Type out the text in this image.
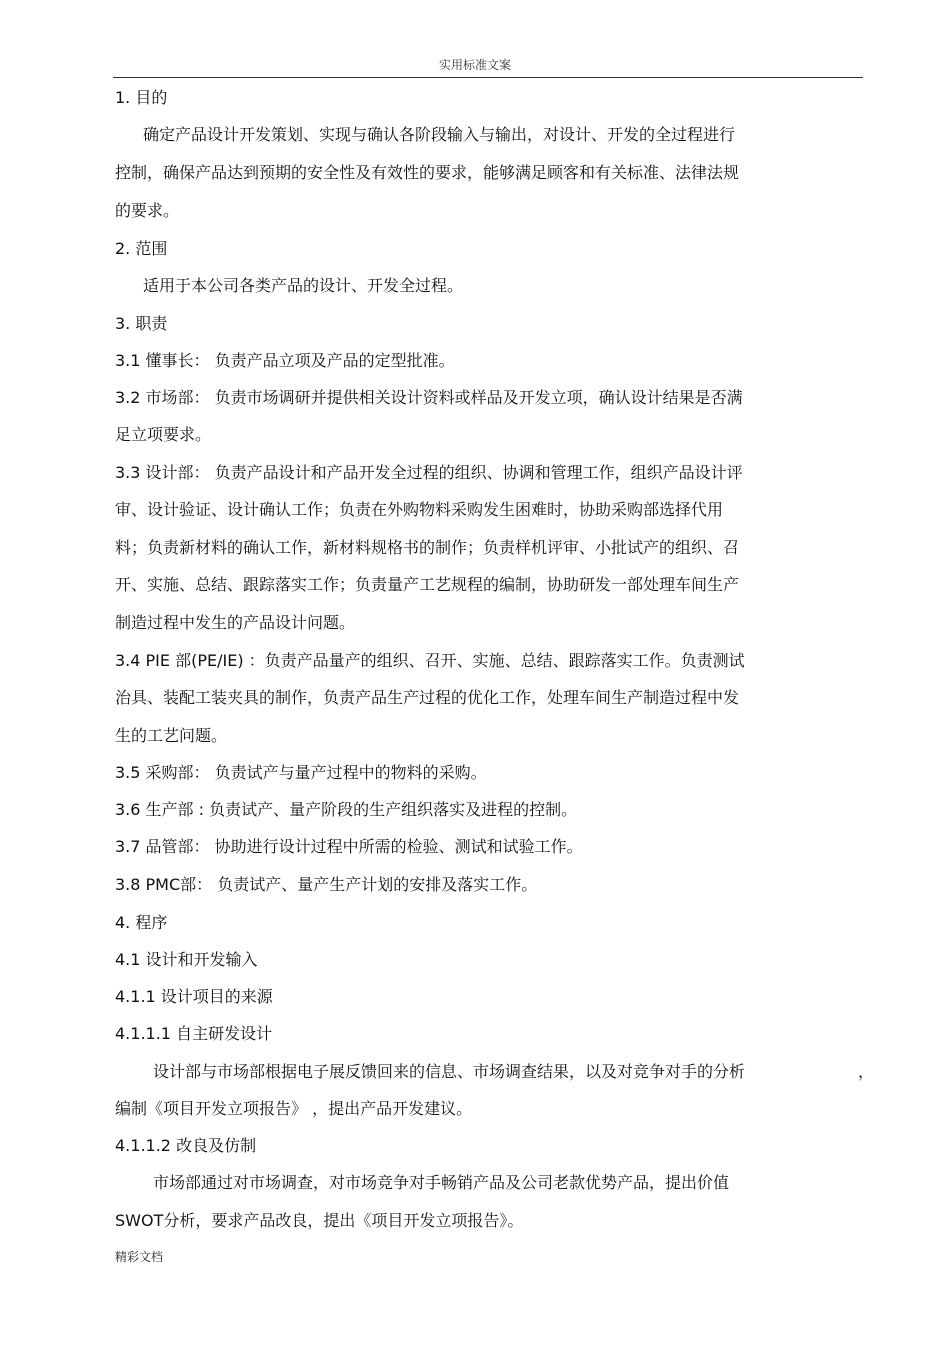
实用标准文案
1. 目的
确定产品设计开发策划、实现与确认各阶段输入与输出，对设计、开发的全过程进行
控制，确保产品达到预期的安全性及有效性的要求，能够满足顾客和有关标准、法律法规
的要求。
2. 范围
适用于本公司各类产品的设计、开发全过程。
3. 职责
3.1 懂事长： 负责产品立项及产品的定型批准。
3.2 市场部： 负责市场调研并提供相关设计资料或样品及开发立项，确认设计结果是否满
足立项要求。
3.3 设计部： 负责产品设计和产品开发全过程的组织、协调和管理工作，组织产品设计评
审、设计验证、设计确认工作；负责在外购物料采购发生困难时，协助采购部选择代用
料；负责新材料的确认工作，新材料规格书的制作；负责样机评审、小批试产的组织、召
开、实施、总结、跟踪落实工作；负责量产工艺规程的编制，协助研发一部处理车间生产
制造过程中发生的产品设计问题。
3.4 PIE 部(PE/IE) ：负责产品量产的组织、召开、实施、总结、跟踪落实工作。负责测试
治具、装配工装夹具的制作，负责产品生产过程的优化工作，处理车间生产制造过程中发
生的工艺问题。
3.5 采购部： 负责试产与量产过程中的物料的采购。
3.6 生产部 : 负责试产、量产阶段的生产组织落实及进程的控制。
3.7 品管部： 协助进行设计过程中所需的检验、测试和试验工作。
3.8 PMC部： 负责试产、量产生产计划的安排及落实工作。
4. 程序
4.1 设计和开发输入
4.1.1 设计项目的来源
4.1.1.1 自主研发设计
设计部与市场部根据电子展反馈回来的信息、市场调查结果，以及对竞争对手的分析	，
编制《项目开发立项报告》 ，提出产品开发建议。
4.1.1.2 改良及仿制
市场部通过对市场调查，对市场竞争对手畅销产品及公司老款优势产品，提出价值
SWOT分析，要求产品改良，提出《项目开发立项报告》。
精彩文档
